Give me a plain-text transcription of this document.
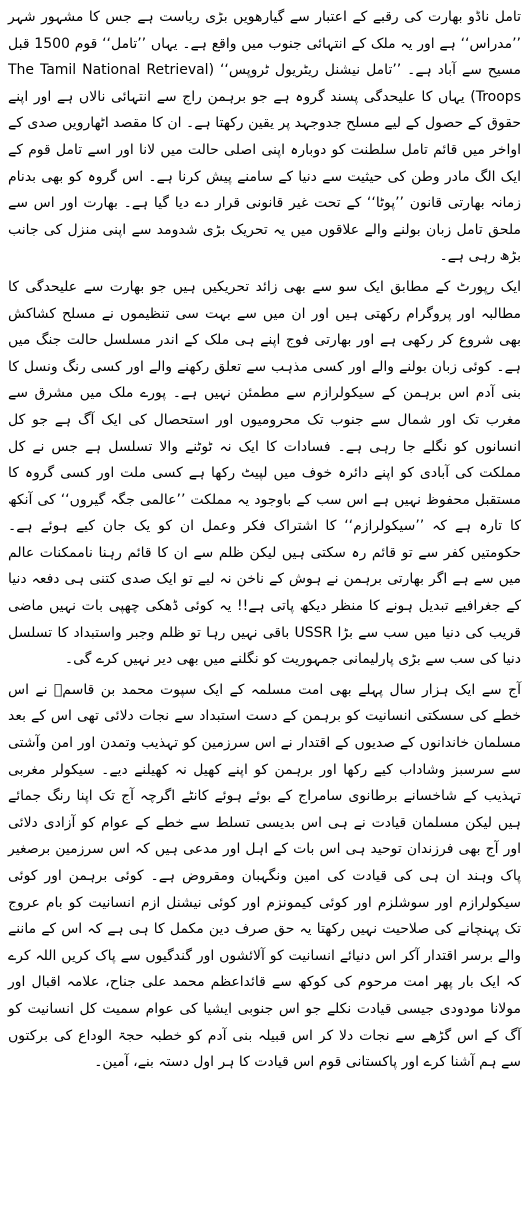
تامل ناڈو بھارت کی رقبے کے اعتبار سے گیارھویں بڑی ریاست ہے جس کا مشہور شہر ’’مدراس‘‘ ہے اور یہ ملک کے انتہائی جنوب میں واقع ہے۔ یہاں ’’تامل‘‘ قوم 1500 قبل مسیح سے آباد ہے۔ ’’تامل نیشنل ریٹریول ٹروپس‘‘ (The Tamil National Retrieval Troops) یہاں کا علیحدگی پسند گروہ ہے جو برہمن راج سے انتہائی نالاں ہے اور اپنے حقوق کے حصول کے لیے مسلح جدوجہد پر یقین رکھتا ہے۔ ان کا مقصد اٹھارویں صدی کے اواخر میں قائم تامل سلطنت کو دوبارہ اپنی اصلی حالت میں لانا اور اسے تامل قوم کے ایک الگ مادر وطن کی حیثیت سے دنیا کے سامنے پیش کرنا ہے۔ اس گروہ کو بھی بدنام زمانہ بھارتی قانون ’’پوٹا‘‘ کے تحت غیر قانونی قرار دے دیا گیا ہے۔ بھارت اور اس سے ملحق تامل زبان بولنے والے علاقوں میں یہ تحریک بڑی شدومد سے اپنی منزل کی جانب بڑھ رہی ہے۔

ایک رپورٹ کے مطابق ایک سو سے بھی زائد تحریکیں ہیں جو بھارت سے علیحدگی کا مطالبہ اور پروگرام رکھتی ہیں اور ان میں سے بہت سی تنظیموں نے مسلح کشاکش بھی شروع کر رکھی ہے اور بھارتی فوج اپنے ہی ملک کے اندر مسلسل حالت جنگ میں ہے۔ کوئی زبان بولنے والے اور کسی مذہب سے تعلق رکھنے والے اور کسی رنگ ونسل کا بنی آدم اس برہمن کے سیکولرازم سے مطمئن نہیں ہے۔ پورے ملک میں مشرق سے مغرب تک اور شمال سے جنوب تک محرومیوں اور استحصال کی ایک آگ ہے جو کل انسانوں کو نگلے جا رہی ہے۔ فسادات کا ایک نہ ٹوٹنے والا تسلسل ہے جس نے کل مملکت کی آبادی کو اپنے دائرہ خوف میں لپیٹ رکھا ہے کسی ملت اور کسی گروہ کا مستقبل محفوظ نہیں ہے اس سب کے باوجود یہ مملکت ’’عالمی جگہ گیروں‘‘ کی آنکھ کا تارہ ہے کہ ’’سیکولرازم‘‘ کا اشتراک فکر وعمل ان کو یک جان کیے ہوئے ہے۔ حکومتیں کفر سے تو قائم رہ سکتی ہیں لیکن ظلم سے ان کا قائم رہنا ناممکنات عالم میں سے ہے اگر بھارتی برہمن نے ہوش کے ناخن نہ لیے تو ایک صدی کتنی ہی دفعہ دنیا کے جغرافیے تبدیل ہونے کا منظر دیکھ پاتی ہے!! یہ کوئی ڈھکی چھپی بات نہیں ماضی قریب کی دنیا میں سب سے بڑا USSR باقی نہیں رہا تو ظلم وجبر واستبداد کا تسلسل دنیا کی سب سے بڑی پارلیمانی جمہوریت کو نگلنے میں بھی دیر نہیں کرے گی۔

آج سے ایک ہزار سال پہلے بھی امت مسلمہ کے ایک سپوت محمد بن قاسمؒ نے اس خطے کی سسکتی انسانیت کو برہمن کے دست استبداد سے نجات دلائی تھی اس کے بعد مسلمان خاندانوں کے صدیوں کے اقتدار نے اس سرزمین کو تہذیب وتمدن اور امن وآشتی سے سرسبز وشاداب کیے رکھا اور برہمن کو اپنے کھیل نہ کھیلنے دیے۔ سیکولر مغربی تہذیب کے شاخسانے برطانوی سامراج کے بوئے ہوئے کانٹے اگرچہ آج تک اپنا رنگ جمائے ہیں لیکن مسلمان قیادت نے ہی اس بدیسی تسلط سے خطے کے عوام کو آزادی دلائی اور آج بھی فرزندان توحید ہی اس بات کے اہل اور مدعی ہیں کہ اس سرزمین برصغیر پاک وہند ان ہی کی قیادت کی امین ونگہبان ومقروض ہے۔ کوئی برہمن اور کوئی سیکولرازم اور سوشلزم اور کوئی کیمونزم اور کوئی نیشنل ازم انسانیت کو بام عروج تک پہنچانے کی صلاحیت نہیں رکھتا یہ حق صرف دین مکمل کا ہی ہے کہ اس کے ماننے والے برسر اقتدار آکر اس دنیائے انسانیت کو آلائشوں اور گندگیوں سے پاک کریں اللہ کرے کہ ایک بار پھر امت مرحوم کی کوکھ سے قائداعظم محمد علی جناح، علامہ اقبال اور مولانا مودودی جیسی قیادت نکلے جو اس جنوبی ایشیا کی عوام سمیت کل انسانیت کو آگ کے اس گڑھے سے نجات دلا کر اس قبیلہ بنی آدم کو خطبہ حجۃ الوداع کی برکتوں سے ہم آشنا کرے اور پاکستانی قوم اس قیادت کا ہر اول دستہ بنے، آمین۔
